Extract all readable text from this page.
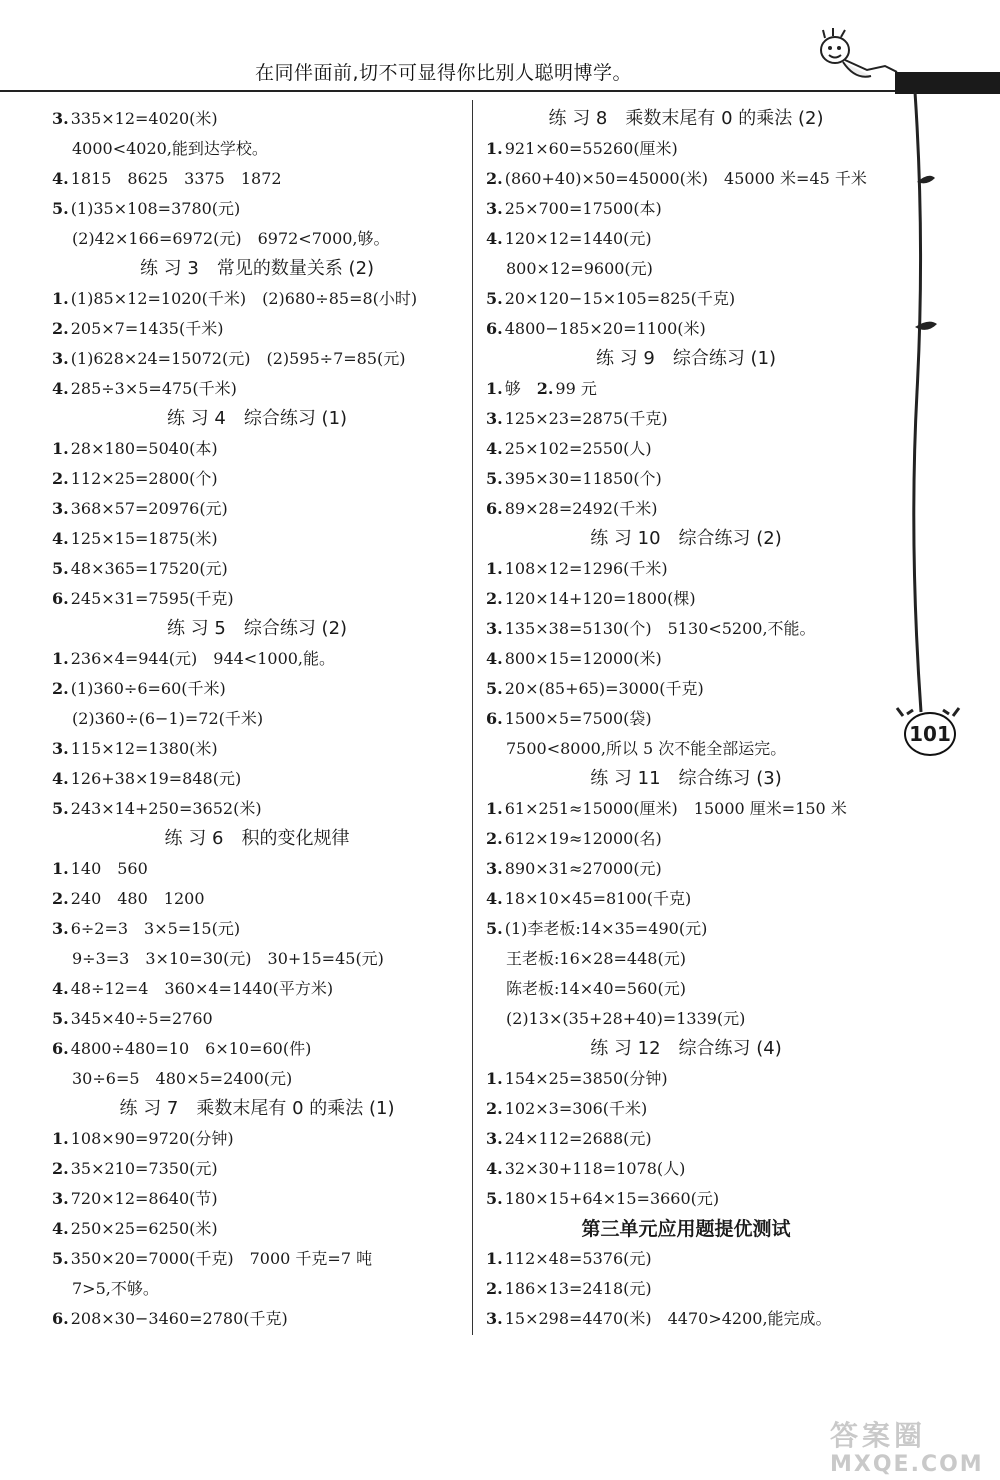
在同伴面前,切不可显得你比别人聪明博学。
101
3. 335×12=4020(米)
4000<4020,能到达学校。
4. 1815　8625　3375　1872
5. (1)35×108=3780(元)
(2)42×166=6972(元)　6972<7000,够。
练 习 3　常见的数量关系 (2)
1. (1)85×12=1020(千米)　(2)680÷85=8(小时)
2. 205×7=1435(千米)
3. (1)628×24=15072(元)　(2)595÷7=85(元)
4. 285÷3×5=475(千米)
练 习 4　综合练习 (1)
1. 28×180=5040(本)
2. 112×25=2800(个)
3. 368×57=20976(元)
4. 125×15=1875(米)
5. 48×365=17520(元)
6. 245×31=7595(千克)
练 习 5　综合练习 (2)
1. 236×4=944(元)　944<1000,能。
2. (1)360÷6=60(千米)
(2)360÷(6−1)=72(千米)
3. 115×12=1380(米)
4. 126+38×19=848(元)
5. 243×14+250=3652(米)
练 习 6　积的变化规律
1. 140　560
2. 240　480　1200
3. 6÷2=3　3×5=15(元)
9÷3=3　3×10=30(元)　30+15=45(元)
4. 48÷12=4　360×4=1440(平方米)
5. 345×40÷5=2760
6. 4800÷480=10　6×10=60(件)
30÷6=5　480×5=2400(元)
练 习 7　乘数末尾有 0 的乘法 (1)
1. 108×90=9720(分钟)
2. 35×210=7350(元)
3. 720×12=8640(节)
4. 250×25=6250(米)
5. 350×20=7000(千克)　7000 千克=7 吨
7>5,不够。
6. 208×30−3460=2780(千克)
练 习 8　乘数末尾有 0 的乘法 (2)
1. 921×60=55260(厘米)
2. (860+40)×50=45000(米)　45000 米=45 千米
3. 25×700=17500(本)
4. 120×12=1440(元)
800×12=9600(元)
5. 20×120−15×105=825(千克)
6. 4800−185×20=1100(米)
练 习 9　综合练习 (1)
1. 够　2. 99 元
3. 125×23=2875(千克)
4. 25×102=2550(人)
5. 395×30=11850(个)
6. 89×28=2492(千米)
练 习 10　综合练习 (2)
1. 108×12=1296(千米)
2. 120×14+120=1800(棵)
3. 135×38=5130(个)　5130<5200,不能。
4. 800×15=12000(米)
5. 20×(85+65)=3000(千克)
6. 1500×5=7500(袋)
7500<8000,所以 5 次不能全部运完。
练 习 11　综合练习 (3)
1. 61×251≈15000(厘米)　15000 厘米=150 米
2. 612×19≈12000(名)
3. 890×31≈27000(元)
4. 18×10×45=8100(千克)
5. (1)李老板:14×35=490(元)
王老板:16×28=448(元)
陈老板:14×40=560(元)
(2)13×(35+28+40)=1339(元)
练 习 12　综合练习 (4)
1. 154×25=3850(分钟)
2. 102×3=306(千米)
3. 24×112=2688(元)
4. 32×30+118=1078(人)
5. 180×15+64×15=3660(元)
第三单元应用题提优测试
1. 112×48=5376(元)
2. 186×13=2418(元)
3. 15×298=4470(米)　4470>4200,能完成。
答案圈
MXQE.COM
